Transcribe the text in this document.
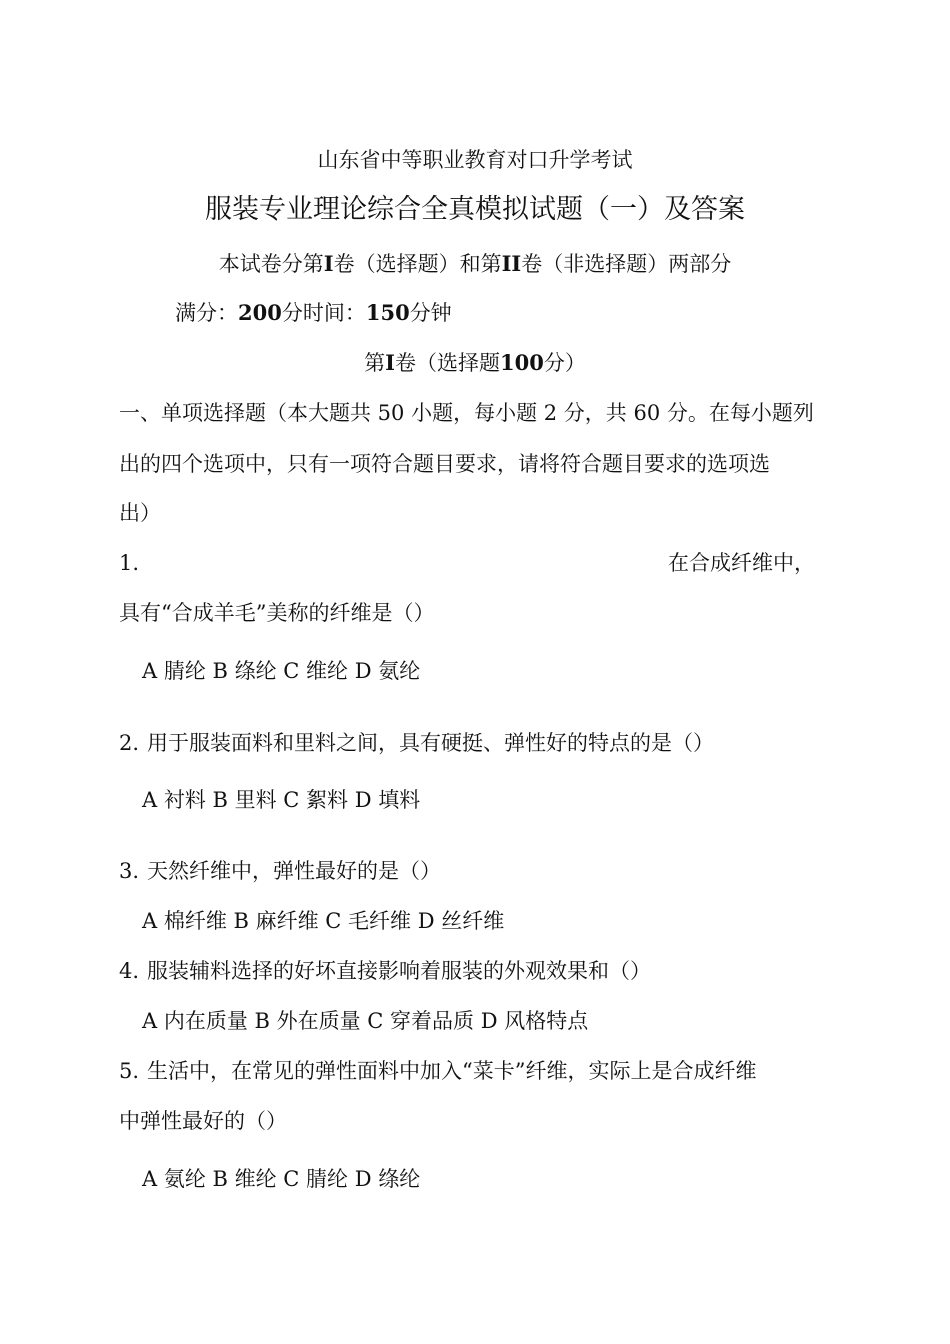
山东省中等职业教育对口升学考试
服装专业理论综合全真模拟试题（一）及答案
本试卷分第I卷（选择题）和第II卷（非选择题）两部分
满分：200分时间：150分钟
第I卷（选择题100分）
一、单项选择题（本大题共 50 小题，每小题 2 分，共 60 分。在每小题列
出的四个选项中，只有一项符合题目要求，请将符合题目要求的选项选
出）
1.	在合成纤维中，
具有“合成羊毛”美称的纤维是（）
A 腈纶 B 绦纶 C 维纶 D 氨纶
2. 用于服装面料和里料之间，具有硬挺、弹性好的特点的是（）
A 衬料 B 里料 C 絮料 D 填料
3. 天然纤维中，弹性最好的是（）
A 棉纤维 B 麻纤维 C 毛纤维 D 丝纤维
4. 服装辅料选择的好坏直接影响着服装的外观效果和（）
A 内在质量 B 外在质量 C 穿着品质 D 风格特点
5. 生活中，在常见的弹性面料中加入“菜卡”纤维，实际上是合成纤维
中弹性最好的（）
A 氨纶 B 维纶 C 腈纶 D 绦纶
